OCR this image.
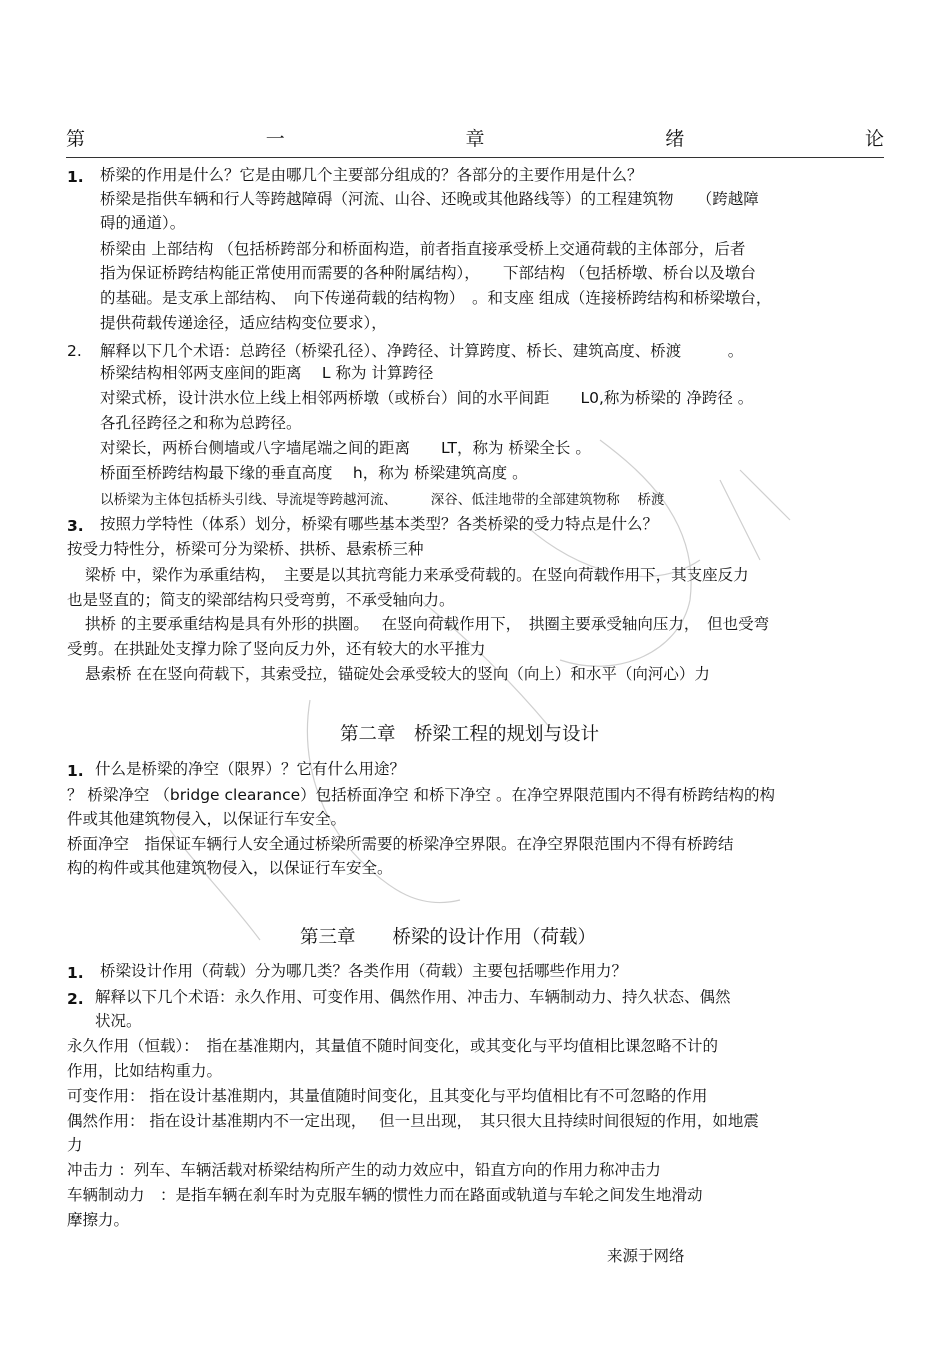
第	一	章	绪	论
1. 桥梁的作用是什么？它是由哪几个主要部分组成的？各部分的主要作用是什么？
桥梁是指供车辆和行人等跨越障碍（河流、山谷、还晚或其他路线等）的工程建筑物　　（跨越障
碍的通道）。
桥梁由 上部结构 （包括桥跨部分和桥面构造，前者指直接承受桥上交通荷载的主体部分，后者
指为保证桥跨结构能正常使用而需要的各种附属结构），　　下部结构 （包括桥墩、桥台以及墩台
的基础。是支承上部结构、　向下传递荷载的结构物）　。和支座 组成（连接桥跨结构和桥梁墩台，
提供荷载传递途径，适应结构变位要求），
2. 解释以下几个术语：总跨径（桥梁孔径）、净跨径、计算跨度、桥长、建筑高度、桥渡　　　。
桥梁结构相邻两支座间的距离　 L 称为 计算跨径
对梁式桥，设计洪水位上线上相邻两桥墩（或桥台）间的水平间距　　L0,称为桥梁的 净跨径 。
各孔径跨径之和称为总跨径。
对梁长，两桥台侧墙或八字墙尾端之间的距离　　LT，称为 桥梁全长 。
桥面至桥跨结构最下缘的垂直高度　 h，称为 桥梁建筑高度 。
以桥梁为主体包括桥头引线、导流堤等跨越河流、　　　深谷、低洼地带的全部建筑物称　 桥渡
3. 按照力学特性（体系）划分，桥梁有哪些基本类型？各类桥梁的受力特点是什么？
按受力特性分，桥梁可分为梁桥、拱桥、悬索桥三种
梁桥 中，梁作为承重结构，　主要是以其抗弯能力来承受荷载的。在竖向荷载作用下，其支座反力
也是竖直的；简支的梁部结构只受弯剪，不承受轴向力。
拱桥 的主要承重结构是具有外形的拱圈。　 在竖向荷载作用下，　拱圈主要承受轴向压力，　但也受弯
受剪。在拱趾处支撑力除了竖向反力外，还有较大的水平推力
悬索桥 在在竖向荷载下，其索受拉，锚碇处会承受较大的竖向（向上）和水平（向河心）力
第二章　桥梁工程的规划与设计
1. 什么是桥梁的净空（限界）？它有什么用途？
？ 桥梁净空 （bridge clearance）包括桥面净空 和桥下净空 。在净空界限范围内不得有桥跨结构的构
件或其他建筑物侵入，以保证行车安全。
桥面净空　指保证车辆行人安全通过桥梁所需要的桥梁净空界限。在净空界限范围内不得有桥跨结
构的构件或其他建筑物侵入，以保证行车安全。
第三章　　桥梁的设计作用（荷载）
1. 桥梁设计作用（荷载）分为哪几类？各类作用（荷载）主要包括哪些作用力？
2. 解释以下几个术语：永久作用、可变作用、偶然作用、冲击力、车辆制动力、持久状态、偶然
状况。
永久作用（恒载）：　指在基准期内，其量值不随时间变化，或其变化与平均值相比课忽略不计的
作用，比如结构重力。
可变作用： 指在设计基准期内，其量值随时间变化，且其变化与平均值相比有不可忽略的作用
偶然作用： 指在设计基准期内不一定出现，　 但一旦出现，　其只很大且持续时间很短的作用，如地震
力
冲击力 ：列车、车辆活载对桥梁结构所产生的动力效应中，铅直方向的作用力称冲击力
车辆制动力　：是指车辆在刹车时为克服车辆的惯性力而在路面或轨道与车轮之间发生地滑动
摩擦力。
来源于网络
